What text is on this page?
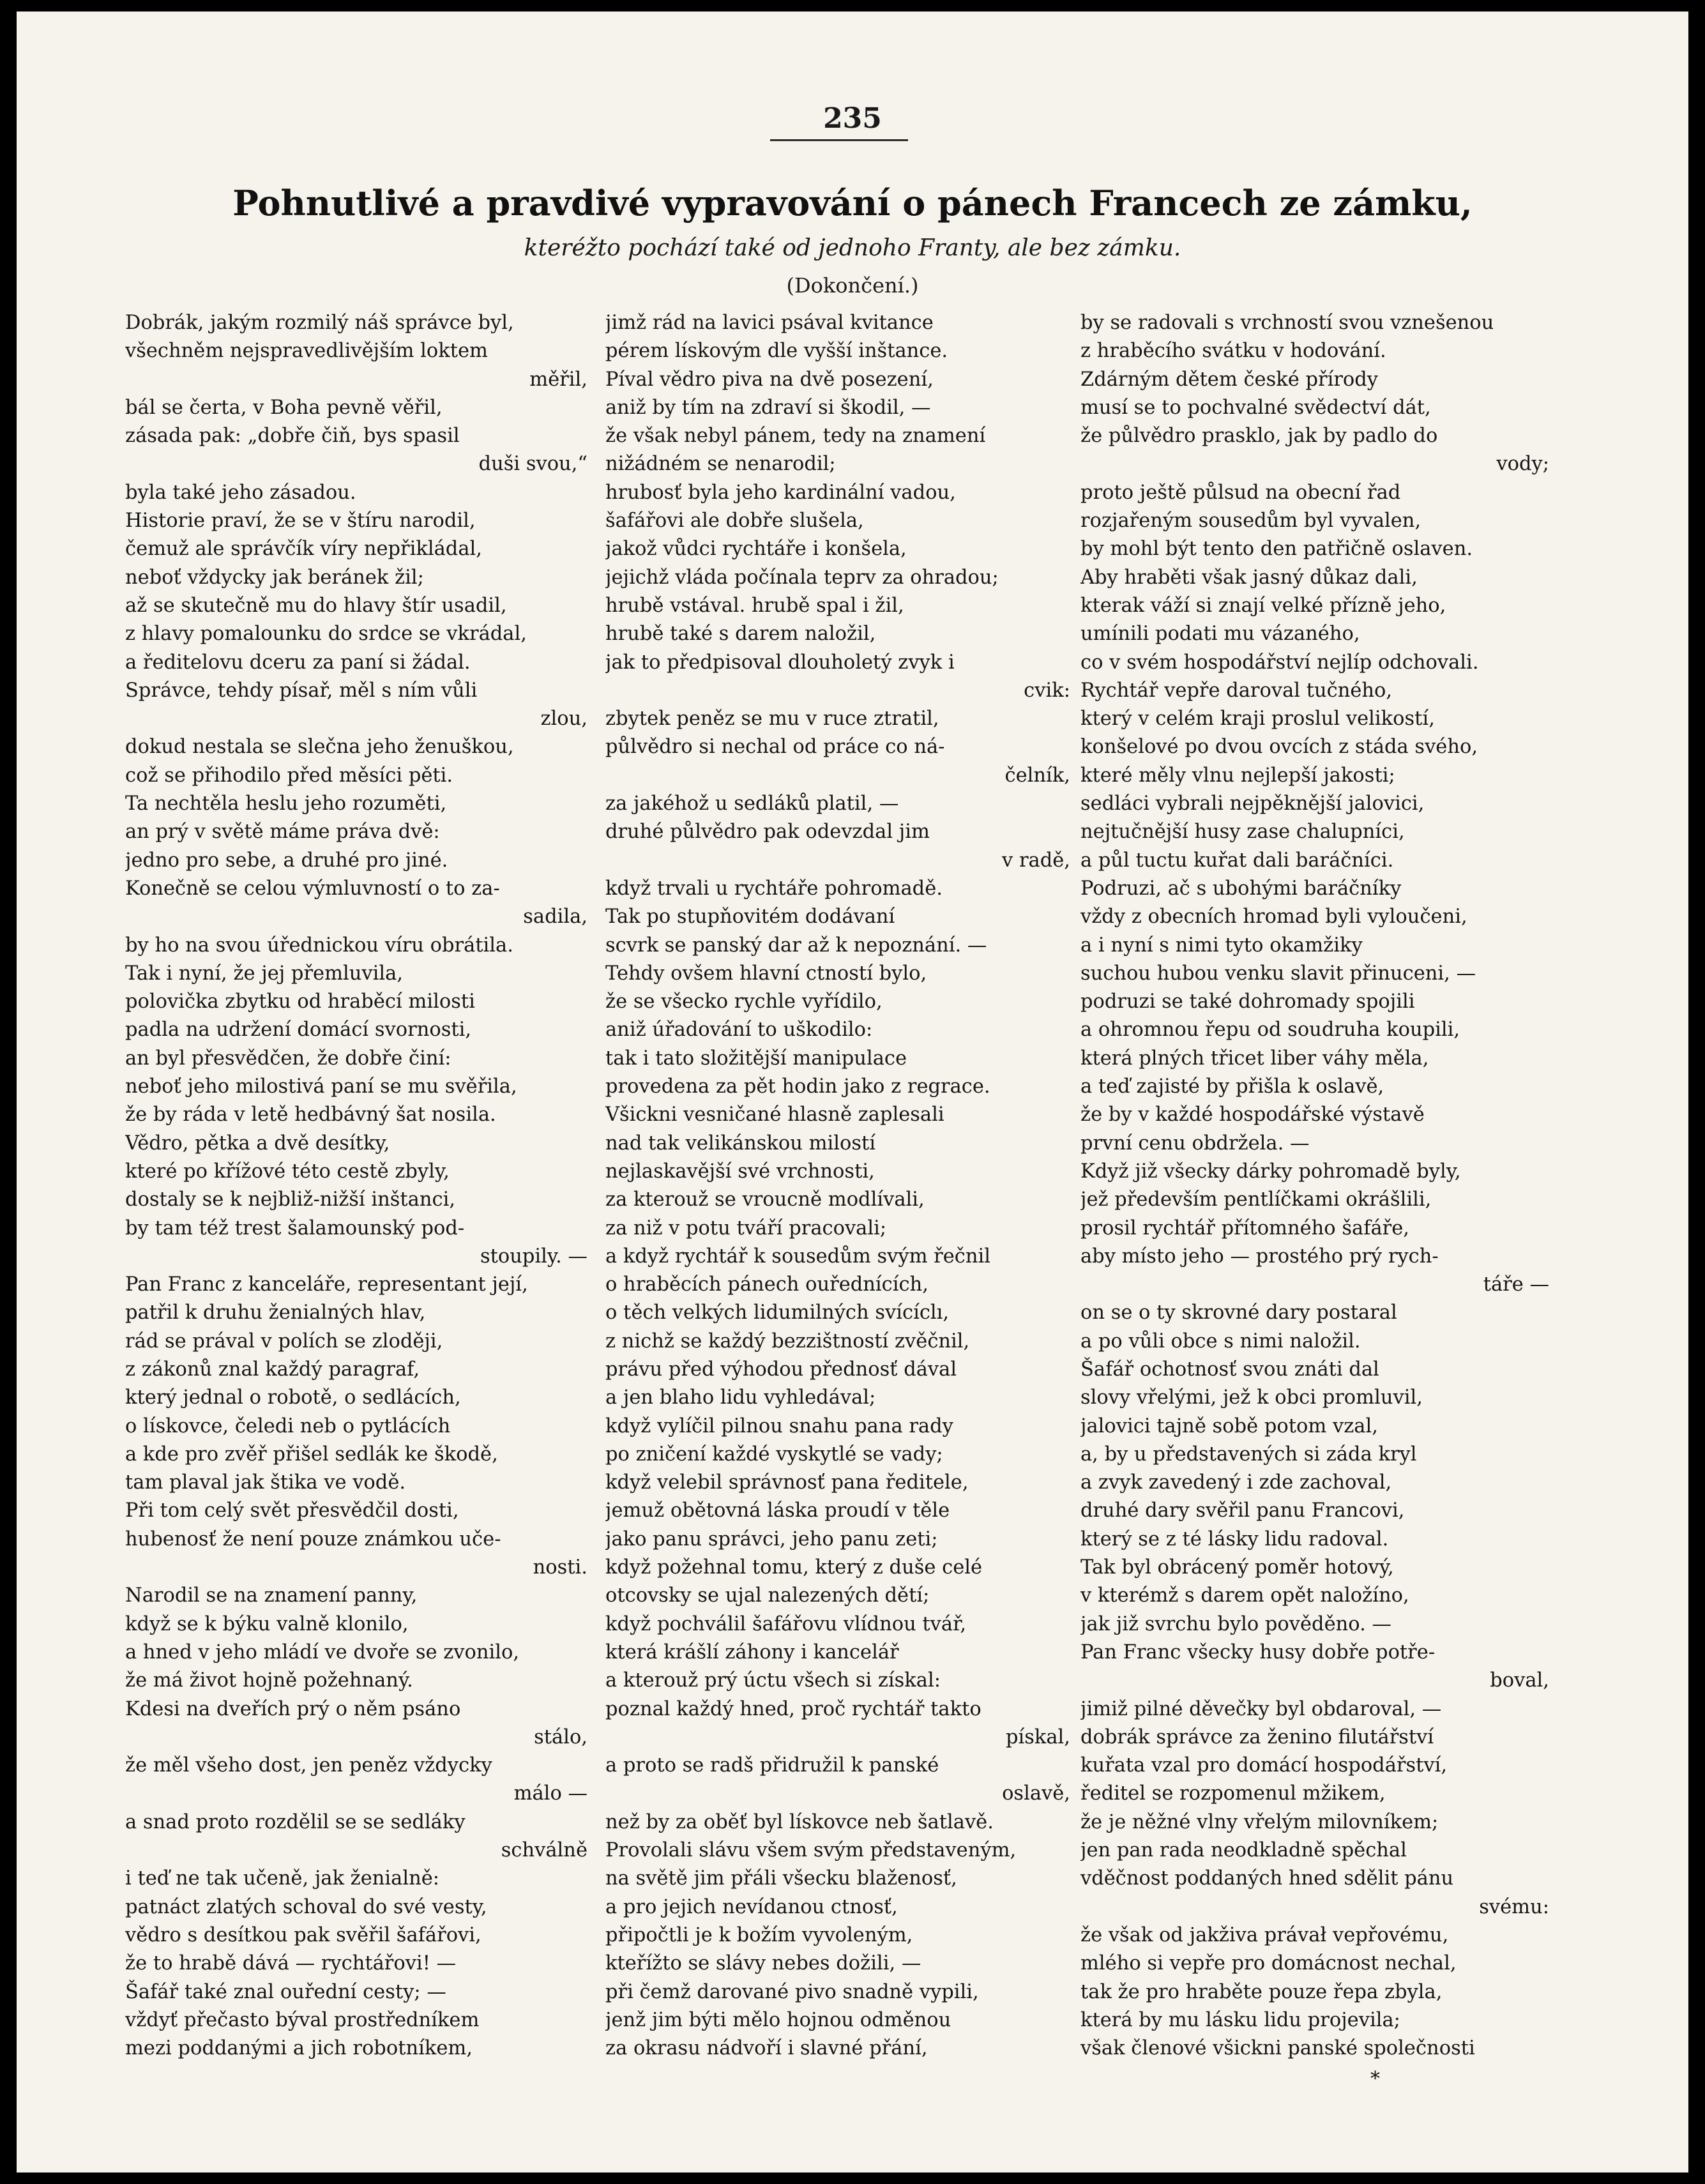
235
Pohnutlivé a pravdivé vypravování o pánech Francech ze zámku,
kteréžto pochází také od jednoho Franty, ale bez zámku.
(Dokončení.)
Dobrák, jakým rozmilý náš správce byl,
všechněm nejspravedlivějším loktem
měřil,
bál se čerta, v Boha pevně věřil,
zásada pak: „dobře čiň, bys spasil
duši svou,“
byla také jeho zásadou.
Historie praví, že se v štíru narodil,
čemuž ale správčík víry nepřikládal,
neboť vždycky jak beránek žil;
až se skutečně mu do hlavy štír usadil,
z hlavy pomalounku do srdce se vkrádal,
a ředitelovu dceru za paní si žádal.
Správce, tehdy písař, měl s ním vůli
zlou,
dokud nestala se slečna jeho ženuškou,
což se přihodilo před měsíci pěti.
Ta nechtěla heslu jeho rozuměti,
an prý v světě máme práva dvě:
jedno pro sebe, a druhé pro jiné.
Konečně se celou výmluvností o to za-
sadila,
by ho na svou úřednickou víru obrátila.
Tak i nyní, že jej přemluvila,
polovička zbytku od hraběcí milosti
padla na udržení domácí svornosti,
an byl přesvědčen, že dobře činí:
neboť jeho milostivá paní se mu svěřila,
že by ráda v letě hedbávný šat nosila.
Vědro, pětka a dvě desítky,
které po křížové této cestě zbyly,
dostaly se k nejbliž-nižší inštanci,
by tam též trest šalamounský pod-
stoupily. —
Pan Franc z kanceláře, representant její,
patřil k druhu ženialných hlav,
rád se prával v polích se zloději,
z zákonů znal každý paragraf,
který jednal o robotě, o sedlácích,
o lískovce, čeledi neb o pytlácích
a kde pro zvěř přišel sedlák ke škodě,
tam plaval jak štika ve vodě.
Při tom celý svět přesvědčil dosti,
hubenosť že není pouze známkou uče-
nosti.
Narodil se na znamení panny,
když se k býku valně klonilo,
a hned v jeho mládí ve dvoře se zvonilo,
že má život hojně požehnaný.
Kdesi na dveřích prý o něm psáno
stálo,
že měl všeho dost, jen peněz vždycky
málo —
a snad proto rozdělil se se sedláky
schválně
i teď ne tak učeně, jak ženialně:
patnáct zlatých schoval do své vesty,
vědro s desítkou pak svěřil šafářovi,
že to hrabě dává — rychtářovi! —
Šafář také znal ouřední cesty; —
vždyť přečasto býval prostředníkem
mezi poddanými a jich robotníkem,
jimž rád na lavici psával kvitance
pérem lískovým dle vyšší inštance.
Píval vědro piva na dvě posezení,
aniž by tím na zdraví si škodil, —
že však nebyl pánem, tedy na znamení
nižádném se nenarodil;
hrubosť byla jeho kardinální vadou,
šafářovi ale dobře slušela,
jakož vůdci rychtáře i konšela,
jejichž vláda počínala teprv za ohradou;
hrubě vstával. hrubě spal i žil,
hrubě také s darem naložil,
jak to předpisoval dlouholetý zvyk i
cvik:
zbytek peněz se mu v ruce ztratil,
půlvědro si nechal od práce co ná-
čelník,
za jakéhož u sedláků platil, —
druhé půlvědro pak odevzdal jim
v radě,
když trvali u rychtáře pohromadě.
Tak po stupňovitém dodávaní
scvrk se panský dar až k nepoznání. —
Tehdy ovšem hlavní ctností bylo,
že se všecko rychle vyřídilo,
aniž úřadování to uškodilo:
tak i tato složitější manipulace
provedena za pět hodin jako z regrace.
Všickni vesničané hlasně zaplesali
nad tak velikánskou milostí
nejlaskavější své vrchnosti,
za kterouž se vroucně modlívali,
za niž v potu tváří pracovali;
a když rychtář k sousedům svým řečnil
o hraběcích pánech ouřednících,
o těch velkých lidumilných svícíclı,
z nichž se každý bezzištností zvěčnil,
právu před výhodou přednosť dával
a jen blaho lidu vyhledával;
když vylíčil pilnou snahu pana rady
po zničení každé vyskytlé se vady;
když velebil správnosť pana ředitele,
jemuž obětovná láska proudí v těle
jako panu správci, jeho panu zeti;
když požehnal tomu, který z duše celé
otcovsky se ujal nalezených dětí;
když pochválil šafářovu vlídnou tvář,
která krášlí záhony i kancelář
a kterouž prý úctu všech si získal:
poznal každý hned, proč rychtář takto
pískal,
a proto se radš přidružil k panské
oslavě,
než by za oběť byl lískovce neb šatlavě.
Provolali slávu všem svým představeným,
na světě jim přáli všecku blaženosť,
a pro jejich nevídanou ctnosť,
připočtli je k božím vyvoleným,
kteřížto se slávy nebes dožili, —
při čemž darované pivo snadně vypili,
jenž jim býti mělo hojnou odměnou
za okrasu nádvoří i slavné přání,
by se radovali s vrchností svou vznešenou
z hraběcího svátku v hodování.
Zdárným dětem české přírody
musí se to pochvalné svědectví dát,
že půlvědro prasklo, jak by padlo do
vody;
proto ještě půlsud na obecní řad
rozjařeným sousedům byl vyvalen,
by mohl být tento den patřičně oslaven.
Aby hraběti však jasný důkaz dali,
kterak váží si znají velké přízně jeho,
umínili podati mu vázaného,
co v svém hospodářství nejlíp odchovali.
Rychtář vepře daroval tučného,
který v celém kraji proslul velikostí,
konšelové po dvou ovcích z stáda svého,
které měly vlnu nejlepší jakosti;
sedláci vybrali nejpěknější jalovici,
nejtučnější husy zase chalupníci,
a půl tuctu kuřat dali baráčníci.
Podruzi, ač s ubohými baráčníky
vždy z obecních hromad byli vyloučeni,
a i nyní s nimi tyto okamžiky
suchou hubou venku slavit přinuceni, —
podruzi se také dohromady spojili
a ohromnou řepu od soudruha koupili,
která plných třicet liber váhy měla,
a teď zajisté by přišla k oslavě,
že by v každé hospodářské výstavě
první cenu obdržela. —
Když již všecky dárky pohromadě byly,
jež především pentlíčkami okrášlili,
prosil rychtář přítomného šafáře,
aby místo jeho — prostého prý rych-
táře —
on se o ty skrovné dary postaral
a po vůli obce s nimi naložil.
Šafář ochotnosť svou znáti dal
slovy vřelými, jež k obci promluvil,
jalovici tajně sobě potom vzal,
a, by u představených si záda kryl
a zvyk zavedený i zde zachoval,
druhé dary svěřil panu Francovi,
který se z té lásky lidu radoval.
Tak byl obrácený poměr hotový,
v kterémž s darem opět naložíno,
jak již svrchu bylo pověděno. —
Pan Franc všecky husy dobře potře-
boval,
jimiž pilné děvečky byl obdaroval, —
dobrák správce za ženino filutářství
kuřata vzal pro domácí hospodářství,
ředitel se rozpomenul mžikem,
že je něžné vlny vřelým milovníkem;
jen pan rada neodkladně spěchal
vděčnost poddaných hned sdělit pánu
svému:
že však od jakživa právał vepřovému,
mlého si vepře pro domácnost nechal,
tak že pro hraběte pouze řepa zbyla,
která by mu lásku lidu projevila;
však členové všickni panské společnosti
*
